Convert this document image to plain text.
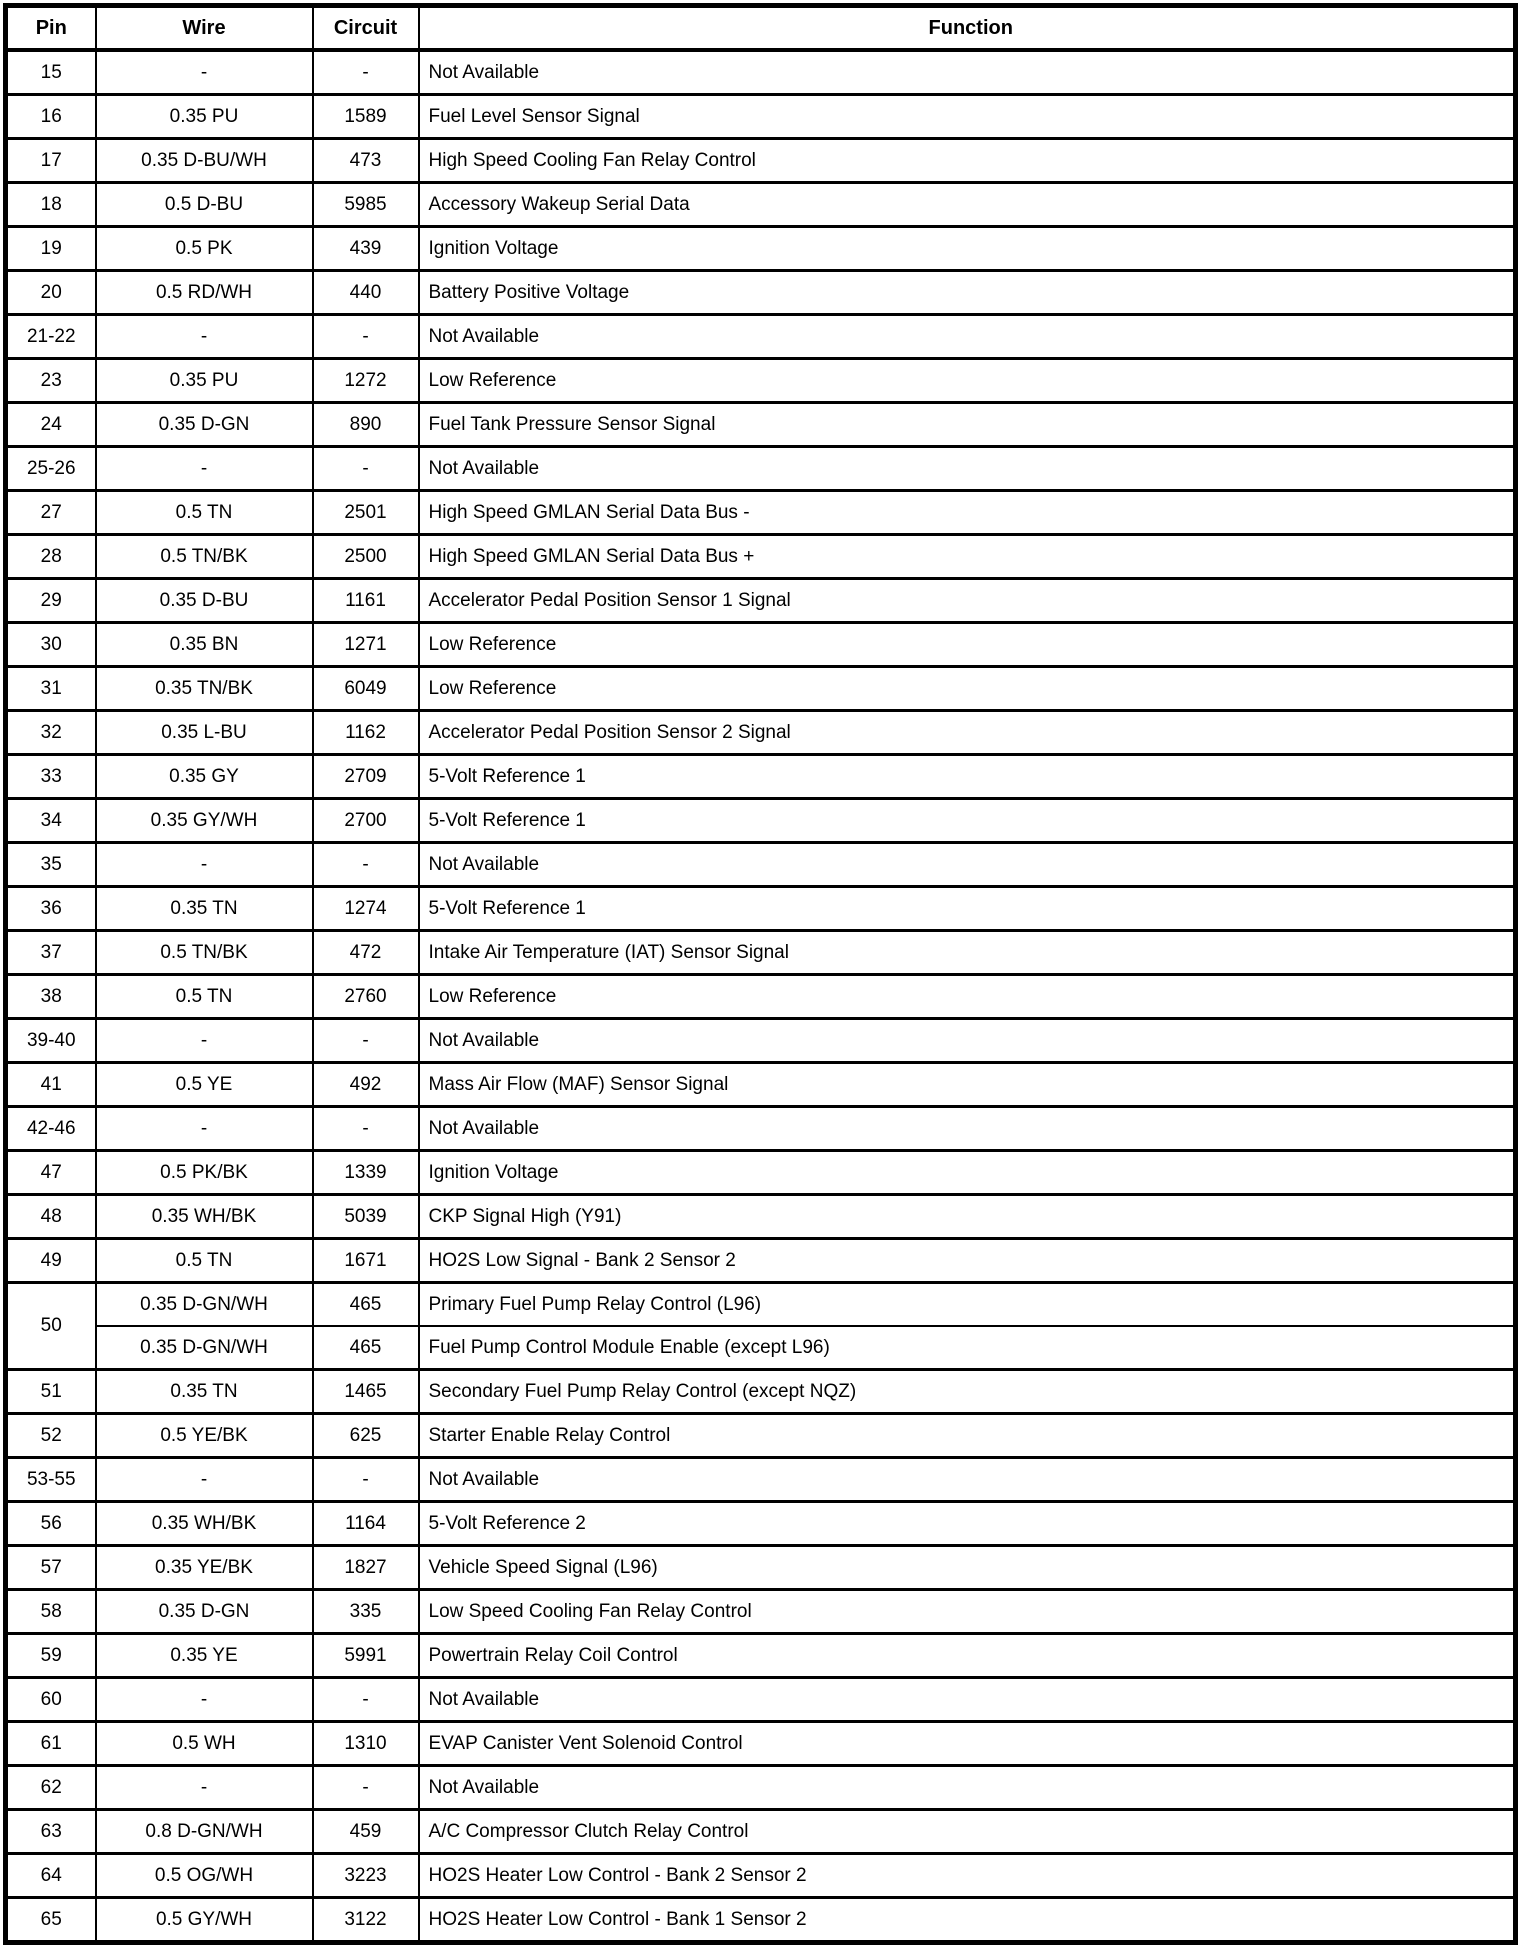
Pin	Wire	Circuit	Function
15	-	-	Not Available
16	0.35 PU	1589	Fuel Level Sensor Signal
17	0.35 D-BU/WH	473	High Speed Cooling Fan Relay Control
18	0.5 D-BU	5985	Accessory Wakeup Serial Data
19	0.5 PK	439	Ignition Voltage
20	0.5 RD/WH	440	Battery Positive Voltage
21-22	-	-	Not Available
23	0.35 PU	1272	Low Reference
24	0.35 D-GN	890	Fuel Tank Pressure Sensor Signal
25-26	-	-	Not Available
27	0.5 TN	2501	High Speed GMLAN Serial Data Bus -
28	0.5 TN/BK	2500	High Speed GMLAN Serial Data Bus +
29	0.35 D-BU	1161	Accelerator Pedal Position Sensor 1 Signal
30	0.35 BN	1271	Low Reference
31	0.35 TN/BK	6049	Low Reference
32	0.35 L-BU	1162	Accelerator Pedal Position Sensor 2 Signal
33	0.35 GY	2709	5-Volt Reference 1
34	0.35 GY/WH	2700	5-Volt Reference 1
35	-	-	Not Available
36	0.35 TN	1274	5-Volt Reference 1
37	0.5 TN/BK	472	Intake Air Temperature (IAT) Sensor Signal
38	0.5 TN	2760	Low Reference
39-40	-	-	Not Available
41	0.5 YE	492	Mass Air Flow (MAF) Sensor Signal
42-46	-	-	Not Available
47	0.5 PK/BK	1339	Ignition Voltage
48	0.35 WH/BK	5039	CKP Signal High (Y91)
49	0.5 TN	1671	HO2S Low Signal - Bank 2 Sensor 2
50	0.35 D-GN/WH	465	Primary Fuel Pump Relay Control (L96)
	0.35 D-GN/WH	465	Fuel Pump Control Module Enable (except L96)
51	0.35 TN	1465	Secondary Fuel Pump Relay Control (except NQZ)
52	0.5 YE/BK	625	Starter Enable Relay Control
53-55	-	-	Not Available
56	0.35 WH/BK	1164	5-Volt Reference 2
57	0.35 YE/BK	1827	Vehicle Speed Signal (L96)
58	0.35 D-GN	335	Low Speed Cooling Fan Relay Control
59	0.35 YE	5991	Powertrain Relay Coil Control
60	-	-	Not Available
61	0.5 WH	1310	EVAP Canister Vent Solenoid Control
62	-	-	Not Available
63	0.8 D-GN/WH	459	A/C Compressor Clutch Relay Control
64	0.5 OG/WH	3223	HO2S Heater Low Control - Bank 2 Sensor 2
65	0.5 GY/WH	3122	HO2S Heater Low Control - Bank 1 Sensor 2
